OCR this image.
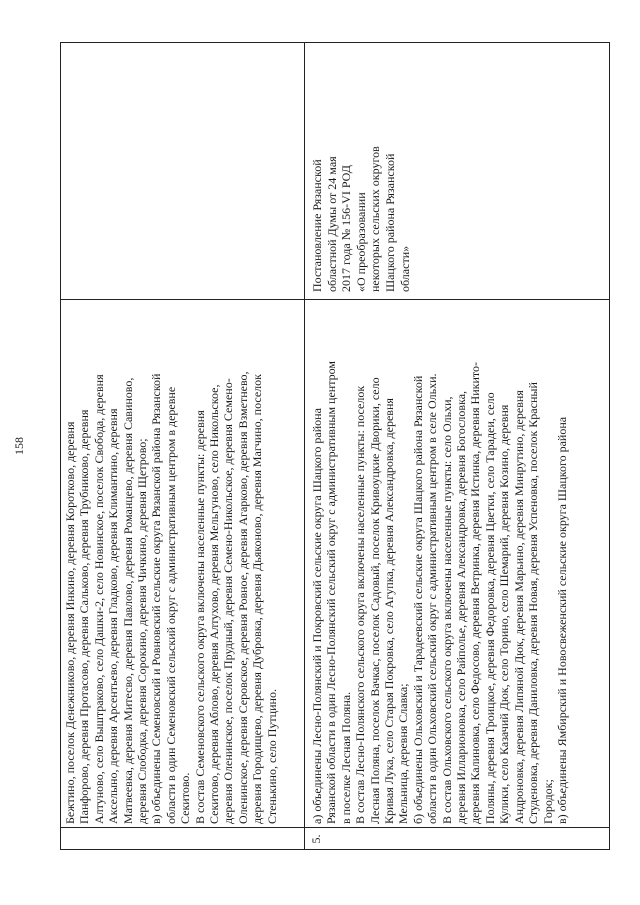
158	Бежтино, поселок Денежниково, деревня Инкино, деревня Коротково, деревня Панфорово, деревня Протасово, деревня Сальково, деревня Трубниково, деревня Алтуново, село Выштраково, село Дашки-2, село Новинское, поселок Свобода, деревня Акселыно, деревня Арсентьево, деревня Гладково, деревня Климантино, деревня Матвеевка, деревня Митесво, деревня Павлово, деревня Романцево, деревня Савиново, деревня Слободка, деревня Сорокино, деревня Чичкино, деревня Щетрово; в) объединены Семеновский и Ровновский сельские округа Рязанской района Рязанской области в один Семеновский сельский округ с административным центром в деревне Секитово. В состав Семеновского сельского округа включены населенные пункты: деревня Секитово, деревня Аблово, деревня Алтухово, деревня Мельгуново, село Никольское, деревня Оленинское, поселок Прудный, деревня Семено-Никольское, деревня Семено- Оленинское, деревня Серовское, деревня Ровное, деревня Агарково, деревня Взметнево, деревня Городищево, деревня Дубровка, деревня Дьяконово, деревня Магчино, поселок Стенькино, село Путцино.
5.
а) объединены Лесно-Полянский и Покровский сельские округа Шацкого района Рязанской области в один Лесно-Полянский сельский округ с административным центром в поселке Лесная Поляна. В состав Лесно-Полянского сельского округа включены населенные пункты: поселок Лесная Поляна, поселок Вачкас, поселок Садовый, поселок Кривоуцкие Дворики, село Кривая Лука, село Старая Покровка, село Агупка, деревня Александровка, деревня Мельница, деревня Славка; б) объединены Ольховский и Тарадеевский сельские округа Шацкого района Рязанской области в один Ольховский сельский округ с административным центром в селе Ольхи. В состав Ольховского сельского округа включены населенные пункты: село Ольхи, деревня Илларионовка, село Райполье, деревня Александровка, деревня Богословка, деревня Калиновка, село Федосово, деревня Ветринка, деревня Истинка, деревня Никито- Поляны, деревня Троицкое, деревня Федоровка, деревня Цветки, село Тарадеи, село Кулики, село Казачий Дюк, село Торино, село Шемарий, деревня Козино, деревня Андроновка, деревня Липяной Дюк, деревня Марьино, деревня Минрутино, деревня Студеновка, деревня Даниловка, деревня Новая, деревня Успеновка, поселок Красный Городок; в) объединены Ямбирский и Новосвеженский сельские округа Шацкого района
Постановление Рязанской областной Думы от 24 мая 2017 года № 156-VI РОД «О преобразовании некоторых сельских округов Шацкого района Рязанской области»
